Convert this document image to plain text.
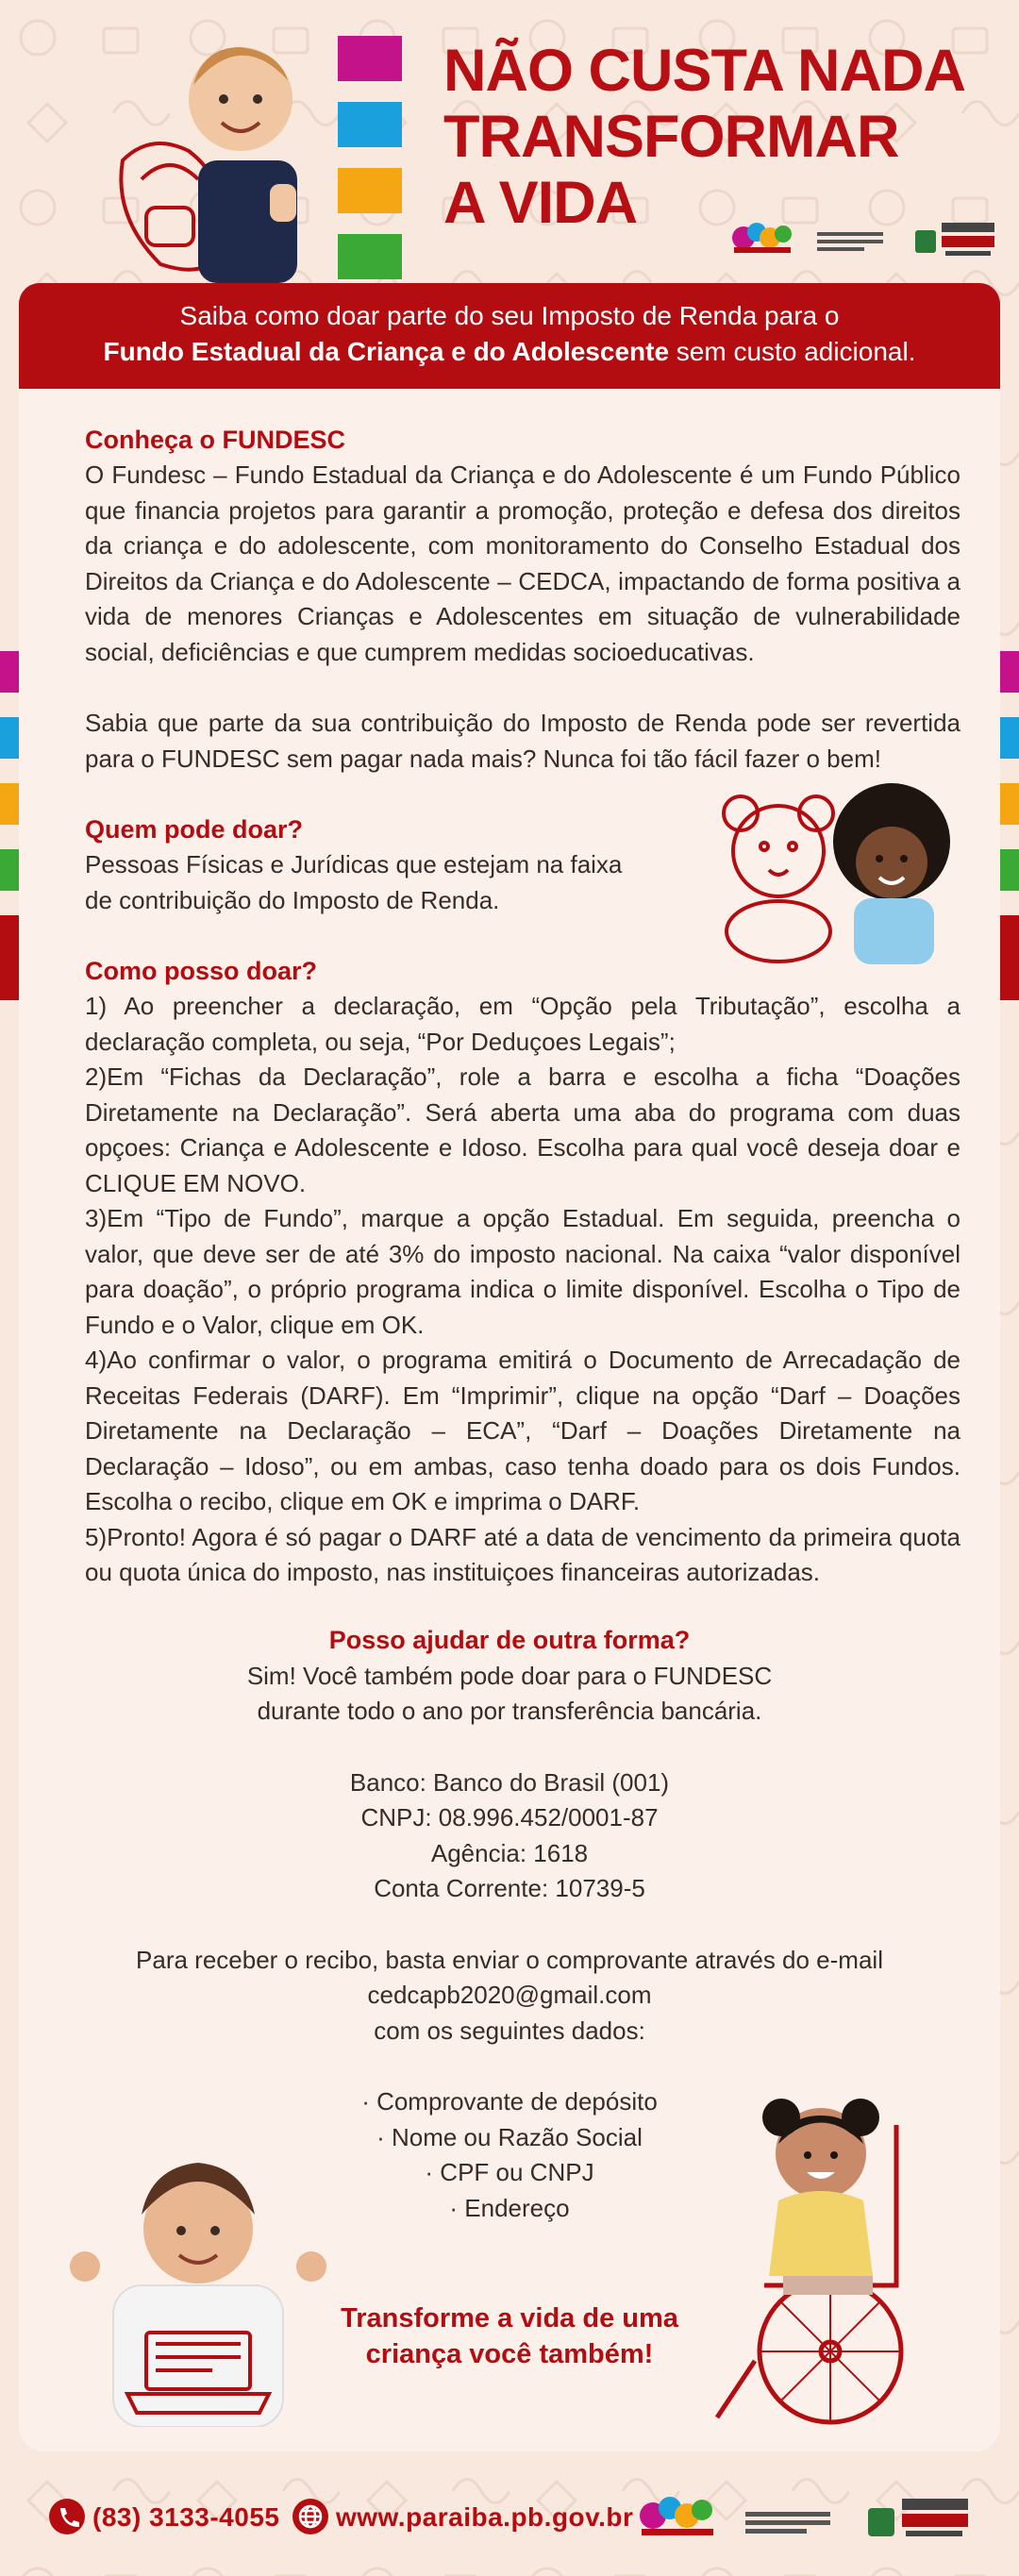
NÃO CUSTA NADA
TRANSFORMAR
A VIDA
Saiba como doar parte do seu Imposto de Renda para o
Fundo Estadual da Criança e do Adolescente sem custo adicional.
Conheça o FUNDESC

O Fundesc – Fundo Estadual da Criança e do Adolescente é um Fundo Público que financia projetos para garantir a promoção, proteção e defesa dos direitos da criança e do adolescente, com monitoramento do Conselho Estadual dos Direitos da Criança e do Adolescente – CEDCA, impactando de forma positiva a vida de menores Crianças e Adolescentes em situação de vulnerabilidade social, deficiências e que cumprem medidas socioeducativas.

Sabia que parte da sua contribuição do Imposto de Renda pode ser revertida para o FUNDESC sem pagar nada mais? Nunca foi tão fácil fazer o bem!

Quem pode doar?

Pessoas Físicas e Jurídicas que estejam na faixa de contribuição do Imposto de Renda.

Como posso doar?

1) Ao preencher a declaração, em “Opção pela Tributação”, escolha a declaração completa, ou seja, “Por Deduçoes Legais”;

2)Em “Fichas da Declaração”, role a barra e escolha a ficha “Doações Diretamente na Declaração”. Será aberta uma aba do programa com duas opçoes: Criança e Adolescente e Idoso. Escolha para qual você deseja doar e CLIQUE EM NOVO.

3)Em “Tipo de Fundo”, marque a opção Estadual. Em seguida, preencha o valor, que deve ser de até 3% do imposto nacional. Na caixa “valor disponível para doação”, o próprio programa indica o limite disponível. Escolha o Tipo de Fundo e o Valor, clique em OK.

4)Ao confirmar o valor, o programa emitirá o Documento de Arrecadação de Receitas Federais (DARF). Em “Imprimir”, clique na opção “Darf – Doações Diretamente na Declaração – ECA”, “Darf – Doações Diretamente na Declaração – Idoso”, ou em ambas, caso tenha doado para os dois Fundos. Escolha o recibo, clique em OK e imprima o DARF.

5)Pronto! Agora é só pagar o DARF até a data de vencimento da primeira quota ou quota única do imposto, nas instituiçoes financeiras autorizadas.

Posso ajudar de outra forma?
Sim! Você também pode doar para o FUNDESC
durante todo o ano por transferência bancária.
Banco: Banco do Brasil (001)
CNPJ: 08.996.452/0001-87
Agência: 1618
Conta Corrente: 10739-5
Para receber o recibo, basta enviar o comprovante através do e-mail
cedcapb2020@gmail.com
com os seguintes dados:
· Comprovante de depósito
· Nome ou Razão Social
· CPF ou CNPJ
· Endereço
Transforme a vida de uma
criança você também!
(83) 3133-4055 www.paraiba.pb.gov.br
